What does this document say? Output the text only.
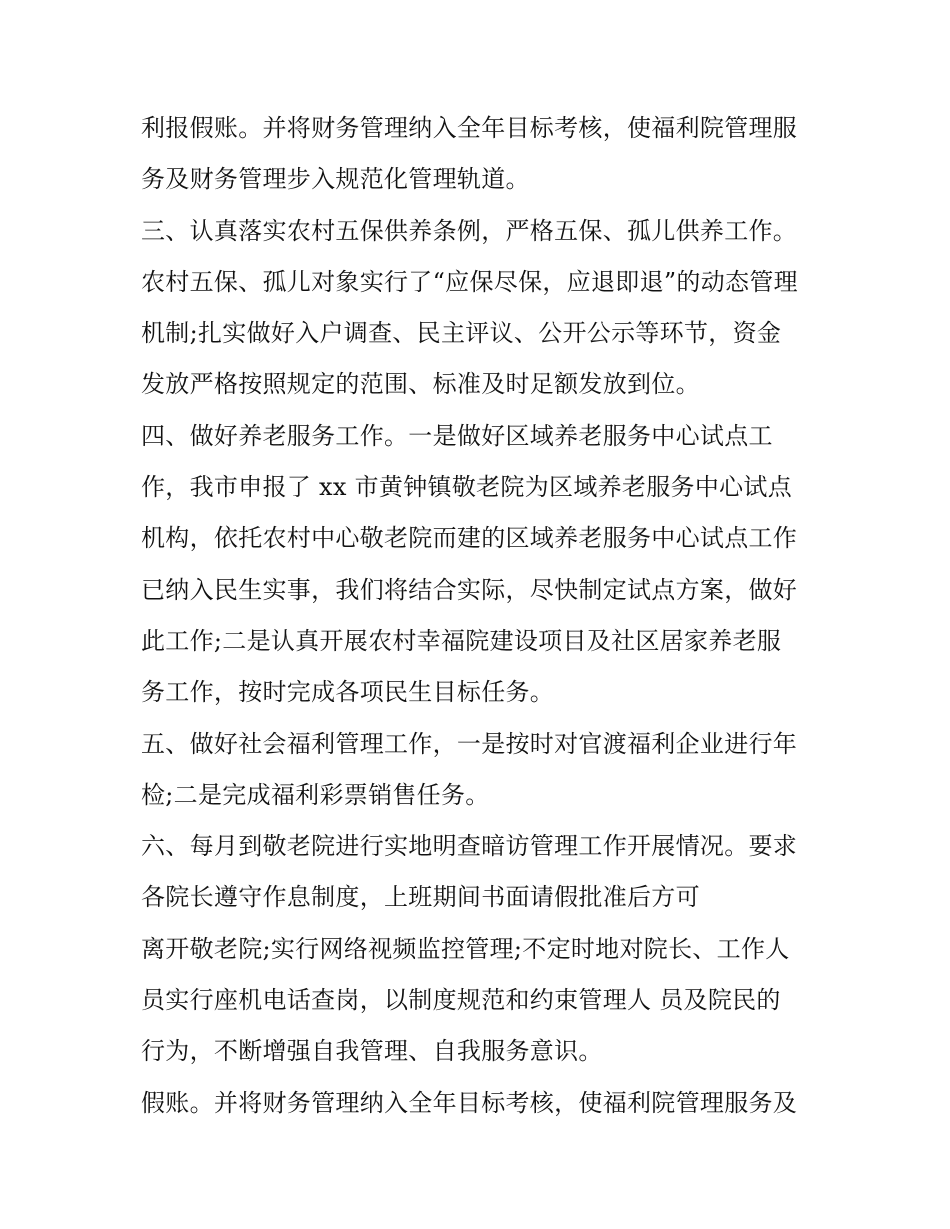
利报假账。并将财务管理纳入全年目标考核，使福利院管理服
务及财务管理步入规范化管理轨道。
三、认真落实农村五保供养条例，严格五保、孤儿供养工作。
农村五保、孤儿对象实行了“应保尽保，应退即退”的动态管理
机制;扎实做好入户调查、民主评议、公开公示等环节，资金
发放严格按照规定的范围、标准及时足额发放到位。
四、做好养老服务工作。一是做好区域养老服务中心试点工
作，我市申报了 xx 市黄钟镇敬老院为区域养老服务中心试点
机构，依托农村中心敬老院而建的区域养老服务中心试点工作
已纳入民生实事，我们将结合实际，尽快制定试点方案，做好
此工作;二是认真开展农村幸福院建设项目及社区居家养老服
务工作，按时完成各项民生目标任务。
五、做好社会福利管理工作，一是按时对官渡福利企业进行年
检;二是完成福利彩票销售任务。
六、每月到敬老院进行实地明查暗访管理工作开展情况。要求
各院长遵守作息制度，上班期间书面请假批准后方可
离开敬老院;实行网络视频监控管理;不定时地对院长、工作人
员实行座机电话查岗，以制度规范和约束管理人 员及院民的
行为，不断增强自我管理、自我服务意识。
假账。并将财务管理纳入全年目标考核，使福利院管理服务及
